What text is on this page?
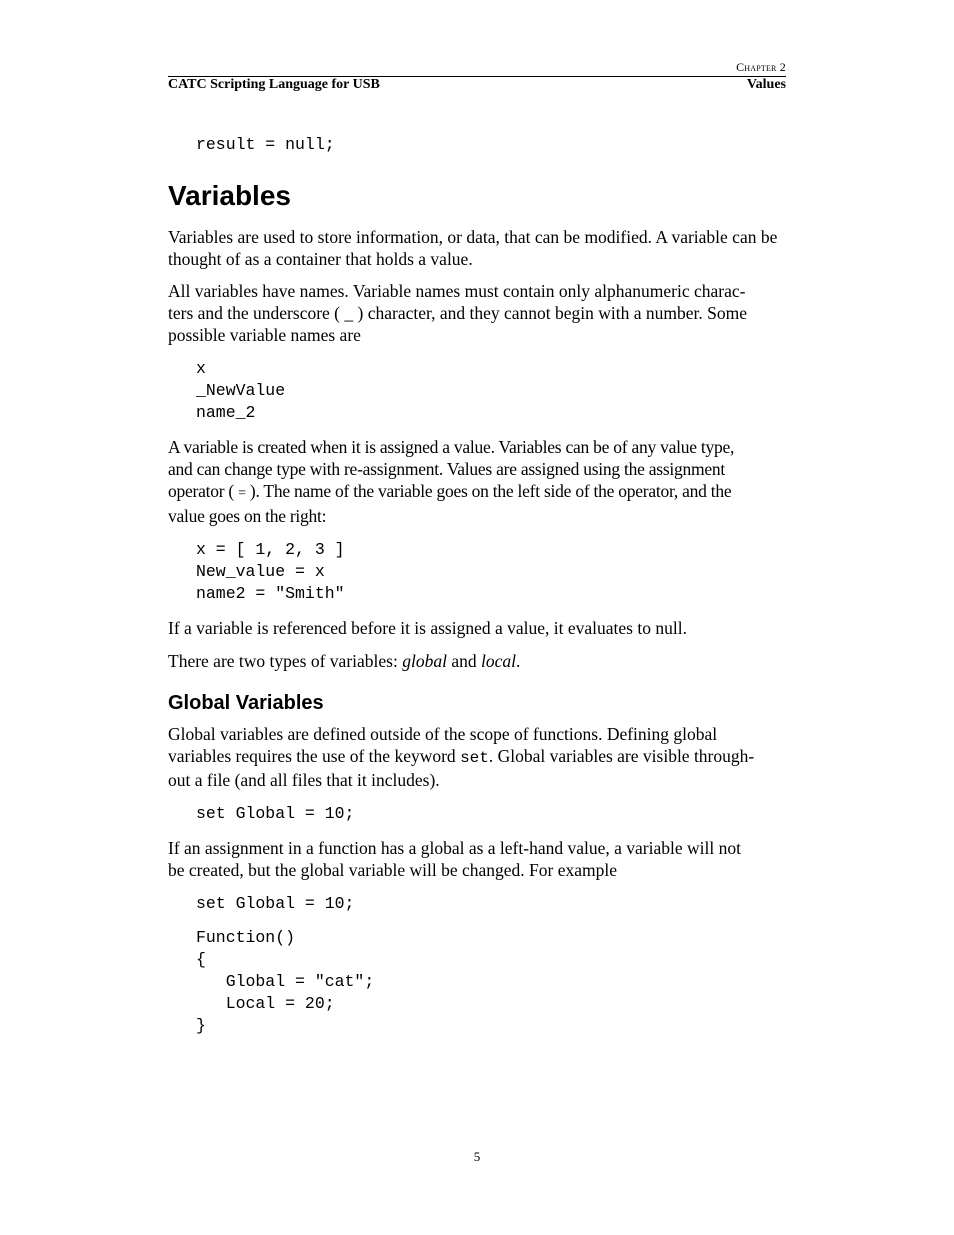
Chapter 2
CATC Scripting Language for USB	Values
result = null;
Variables

Variables are used to store information, or data, that can be modified. A variable can be thought of as a container that holds a value.

All variables have names. Variable names must contain only alphanumeric charac-
ters and the underscore ( _ ) character, and they cannot begin with a number. Some
possible variable names are

x
_NewValue
name_2

A variable is created when it is assigned a value. Variables can be of any value type,
and can change type with re-assignment. Values are assigned using the assignment
operator ( = ). The name of the variable goes on the left side of the operator, and the
value goes on the right:

x = [ 1, 2, 3 ]
New_value = x
name2 = "Smith"

If a variable is referenced before it is assigned a value, it evaluates to null.

There are two types of variables: global and local.

Global Variables

Global variables are defined outside of the scope of functions. Defining global
variables requires the use of the keyword set. Global variables are visible through-
out a file (and all files that it includes).

set Global = 10;

If an assignment in a function has a global as a left-hand value, a variable will not
be created, but the global variable will be changed. For example

set Global = 10;
Function()
{
Global = "cat";
Local = 20;
}
5
